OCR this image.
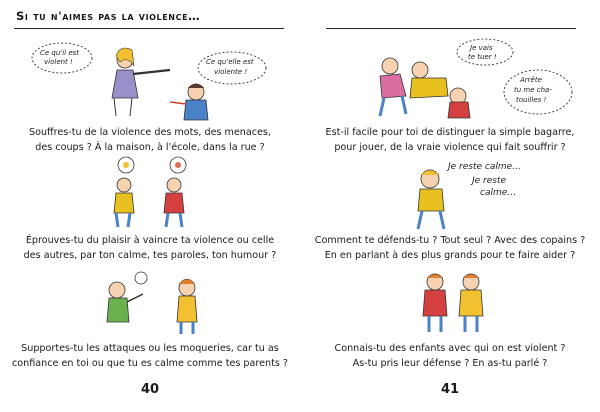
Si tu n'aimes pas la violence…
Ce qu'il est
violent !	Ce qu'elle est
violente !
Souffres-tu de la violence des mots, des menaces,
des coups ? À la maison, à l'école, dans la rue ?
Éprouves-tu du plaisir à vaincre ta violence ou celle
des autres, par ton calme, tes paroles, ton humour ?
Supportes-tu les attaques ou les moqueries, car tu as
confiance en toi ou que tu es calme comme tes parents ?
40
Je vais
te tuer !
Arrête
tu me cha-
touilles !
Est-il facile pour toi de distinguer la simple bagarre,
pour jouer, de la vraie violence qui fait souffrir ?
Je reste calme…
Je reste
calme…
Comment te défends-tu ? Tout seul ? Avec des copains ?
En en parlant à des plus grands pour te faire aider ?
Connais-tu des enfants avec qui on est violent ?
As-tu pris leur défense ? En as-tu parlé ?
41
